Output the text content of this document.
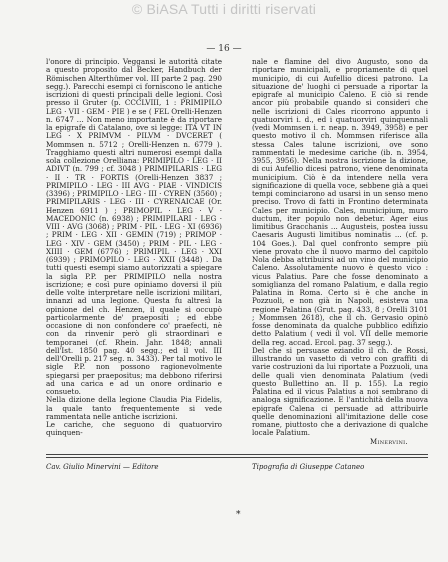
© BiASA Tutti i diritti riservati
— 16 —

l'onore di principio. Veggansi le autorità citate a questo proposito dal Becker, Handbuch der Römischen Alterthümer vol. III parte 2 pag. 290 segg.). Parecchi esempi ci forniscono le antiche iscrizioni di questi principali delle legioni. Così presso il Gruter (p. CCCLVIII, 1 : PRIMIPILO LEG · VII · GEM · PIE ) e se ( FEL Orelli-Henzen n. 6747 … Non meno importante è da riportare la epigrafe di Catalano, ove si legge: ITA VT IN LEG · X PRIMVM · PILVM · DVCERET ( Mommsen n. 5712 ; Orelli-Henzen n. 6779 ). Tragghiamo questi altri numerosi esempi dalla sola collezione Orelliana: PRIMIPILO · LEG · II ADIVT (n. 799 ; cf. 3048 ) PRIMIPILARIS · LEG · II · TR · FORTIS (Orelli-Henzen 3837 ; PRIMIPILO · LEG · III AVG · PIAE · VINDICIS (3396) ; PRIMIPILO · LEG · III · CYREN (3560) ; PRIMIPILARIS · LEG · III · CYRENAICAE (Or. Henzen 6911 ) ; PRIMOPIL · LEG · V · MACEDONIC (n. 6938) ; PRIMIPILARI · LEG · VIII · AVG (3068) ; PRIM · PIL · LEG · XI (6936) ; PRIM · LEG · XII · GEMIN (719) ; PRIMOP · LEG · XIV · GEM (3450) ; PRIM · PIL · LEG · XIIII · GEM (6776) ; PRIMIPIL · LEG · XXI (6939) ; PRIMOPILO · LEG · XXII (3448) . Da tutti questi esempi siamo autorizzati a spiegare la sigla P.P. per PRIMIPILO nella nostra iscrizione; e così pure opiniamo doversi il più delle volte interpretare nelle iscrizioni militari, innanzi ad una legione. Questa fu altresì la opinione del ch. Henzen, il quale si occupò particolarmente de' praepositi ; ed ebbe occasione di non confondere co' praefecti, nè con da rinvenir però gli straordinari e temporanei (cf. Rhein. Jahr. 1848; annali dell'Ist. 1850 pag. 40 segg.; ed il vol. III dell'Orelli p. 217 seg. n. 3433). Per tal motivo le sigle P.P. non possono ragionevolmente spiegarsi per praepositus; ma debbono riferirsi ad una carica e ad un onore ordinario e consueto.

Nella dizione della legione Claudia Pia Fidelis, la quale tanto frequentemente si vede rammentata nelle antiche iscrizioni.

Le cariche, che seguono di quatuorviro quinquen-

nale e flamine del divo Augusto, sono da riportare municipali, e propriamente di quel municipio, di cui Aufellio dicesi patrono. La situazione de' luoghi ci persuade a riportar la epigrafe al municipio Caleno. E ciò si rende ancor più probabile quando si consideri che nelle iscrizioni di Cales ricorrono appunto i quatuorviri i. d., ed i quatuorviri quinquennali (vedi Mommsen i. r. neap. n. 3949, 3958) e per questo motivo il ch. Mommsen riferisce alla stessa Cales talune iscrizioni, ove sono rammentati le medesime cariche (ib. n. 3954, 3955, 3956). Nella nostra iscrizione la dizione, di cui Aufellio dicesi patrono, viene denominata municipium. Ciò è da intendere nella vera significazione di quella voce, sebbene già a quei tempi cominciarono ad usarsi in un senso meno preciso. Trovo di fatti in Frontino determinata Cales per municipio. Cales, municipium, muro ductum, iter populo non debetur. Ager eius limitibus Gracchanis ... Augusteis, postea iussu Caesaris Augusti limitibus nominatis ... (cf. p. 104 Goes.). Dal quel confronto sempre più viene provato che il nuovo marmo del capitolo Nola debba attribuirsi ad un vino del municipio Caleno. Assolutamente nuovo è questo vico : vicus Palatius. Pare che fosse denominato a somiglianza del romano Palatium, e dalla regio Palatina in Roma. Certo si è che anche in Pozzuoli, e non già in Napoli, esisteva una regione Palatina (Grut. pag. 433, 8 ; Orelli 3101 ; Mommsen 2618), che il ch. Gervasio opinò fosse denominata da qualche pubblico edifizio detto Palatium ( vedi il vol. VII delle memorie della reg. accad. Ercol. pag. 37 segg.).

Del che si persuase eziandio il ch. de Rossi, illustrando un vasetto di vetro con graffiti di varie costruzioni da lui riportate a Pozzuoli, una delle quali vien denominata Palatium (vedi questo Bullettino an. II p. 155). La regio Palatina ed il vicus Palatius a noi sembrano di analoga significazione. E l'antichità della nuova epigrafe Calena ci persuade ad attribuirle quelle denominazioni all'imitazione delle cose romane, piuttosto che a derivazione di qualche locale Palatium.

Minervini.
Cav. Giulio Minervini — Editore	Tipografia di Giuseppe Cataneo
*
